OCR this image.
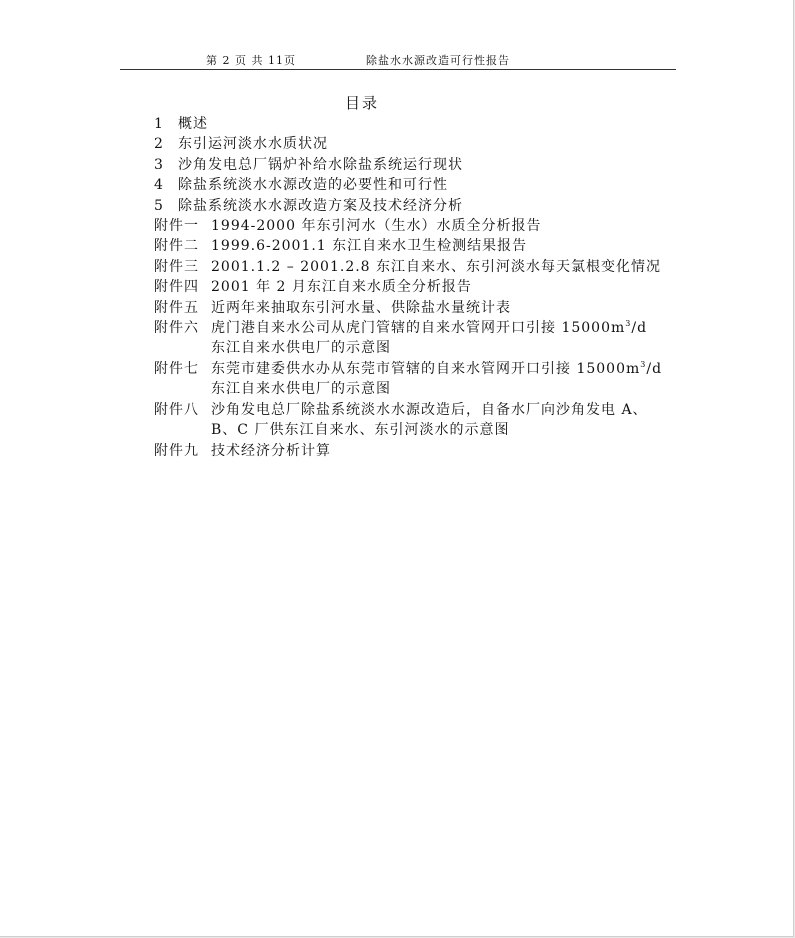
第 2 页 共 11页	除盐水水源改造可行性报告
目录
1	概述
2	东引运河淡水水质状况
3	沙角发电总厂锅炉补给水除盐系统运行现状
4	除盐系统淡水水源改造的必要性和可行性
5	除盐系统淡水水源改造方案及技术经济分析
附件一 1994-2000 年东引河水（生水）水质全分析报告
附件二 1999.6-2001.1 东江自来水卫生检测结果报告
附件三 2001.1.2 – 2001.2.8 东江自来水、东引河淡水每天氯根变化情况
附件四 2001 年 2 月东江自来水质全分析报告
附件五 近两年来抽取东引河水量、供除盐水量统计表
附件六 虎门港自来水公司从虎门管辖的自来水管网开口引接 $15000m^3/d$
东江自来水供电厂的示意图
附件七 东莞市建委供水办从东莞市管辖的自来水管网开口引接 $15000m^3/d$
东江自来水供电厂的示意图
附件八 沙角发电总厂除盐系统淡水水源改造后，自备水厂向沙角发电 A、
B、C 厂供东江自来水、东引河淡水的示意图
附件九 技术经济分析计算
